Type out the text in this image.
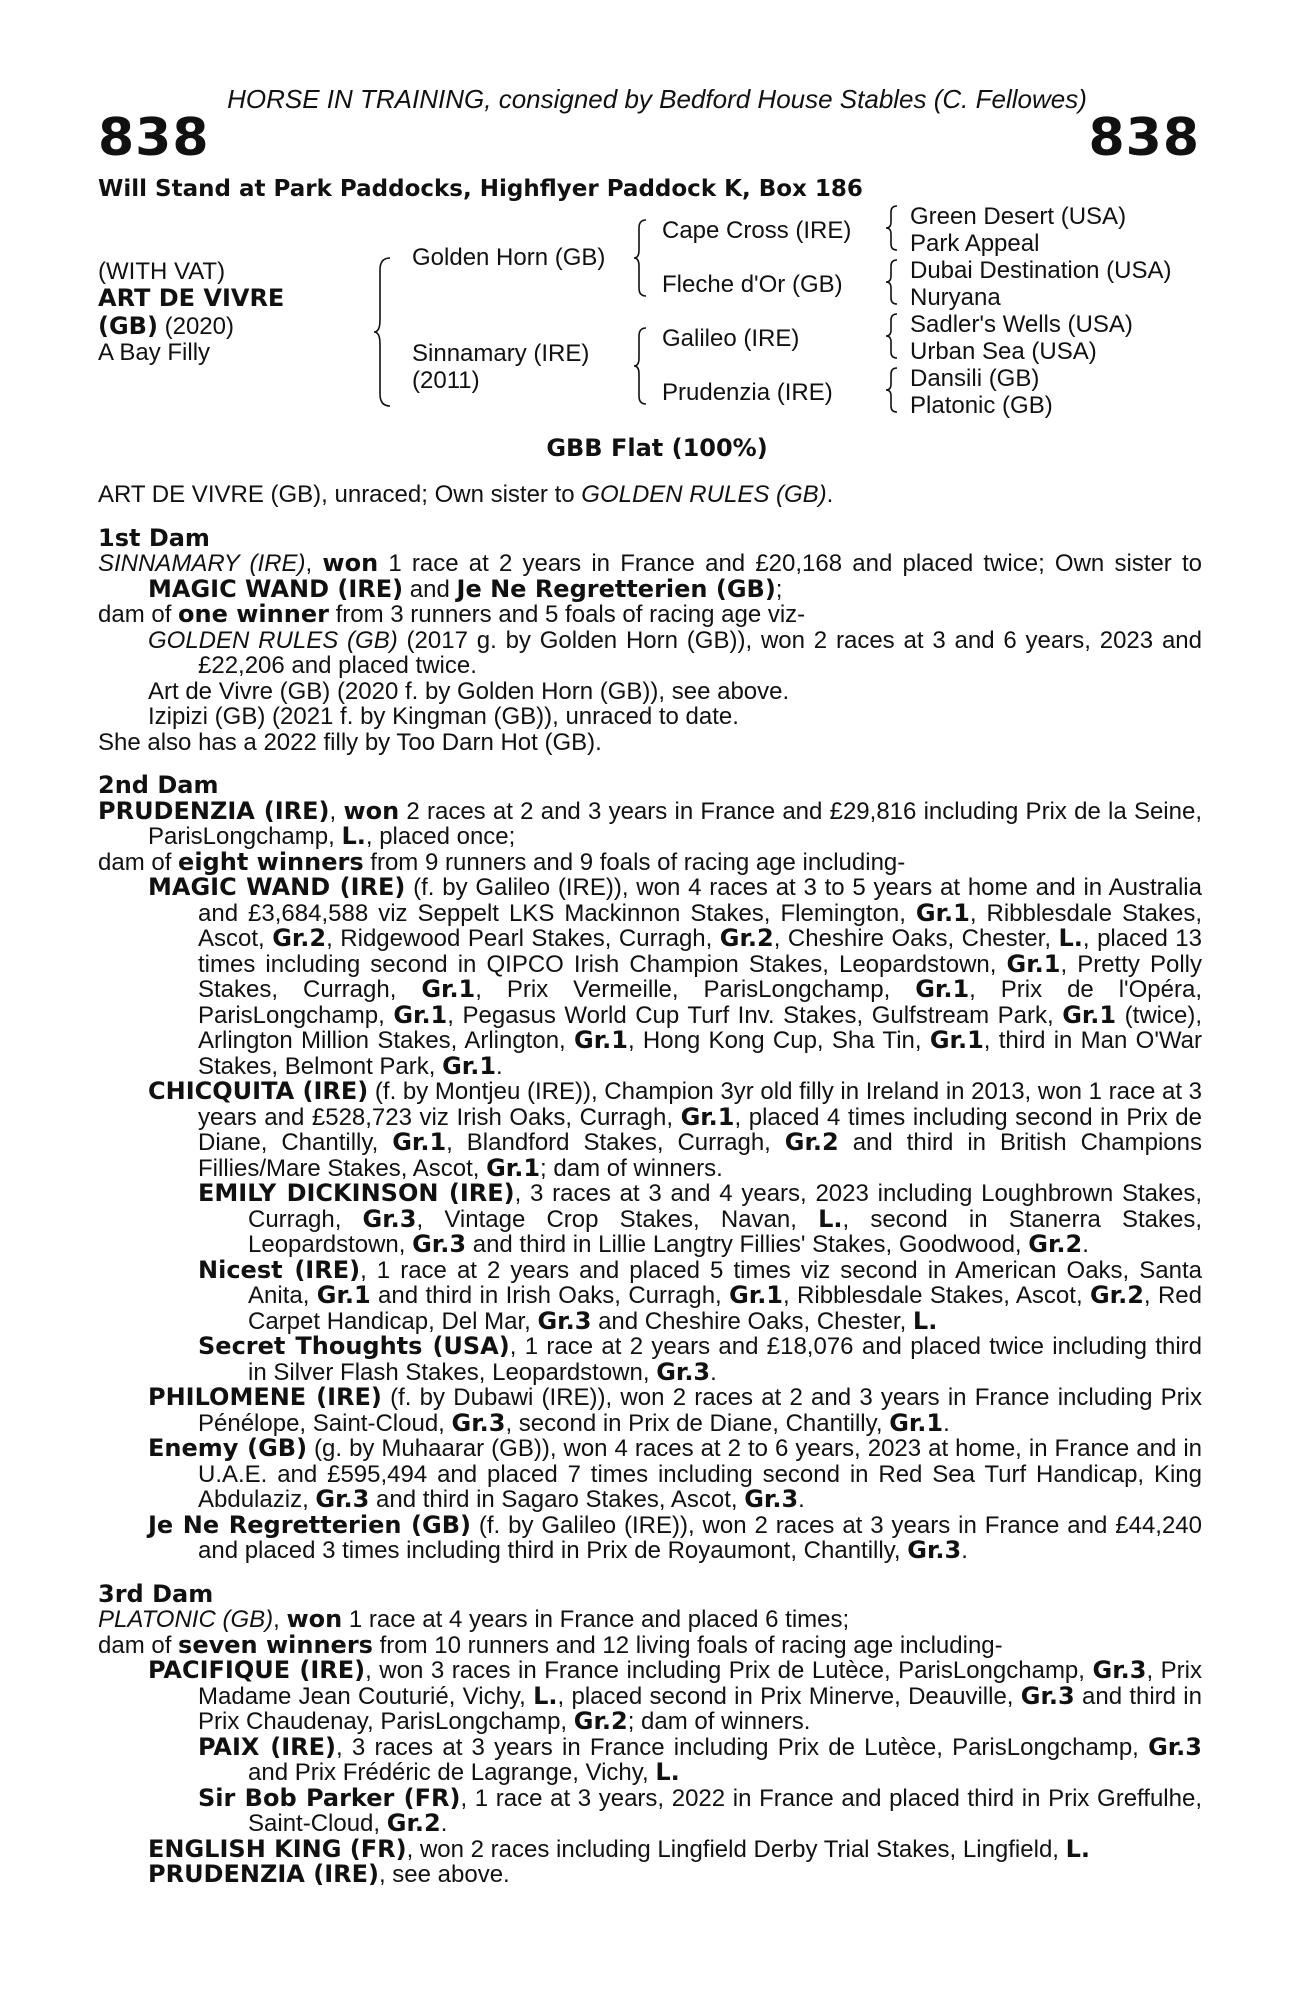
HORSE IN TRAINING, consigned by Bedford House Stables (C. Fellowes)
838	838
Will Stand at Park Paddocks, Highflyer Paddock K, Box 186
(WITH VAT)
ART DE VIVRE
(GB) (2020)
A Bay Filly
Golden Horn (GB)
Sinnamary (IRE)
(2011)
Cape Cross (IRE)
Fleche d'Or (GB)
Galileo (IRE)
Prudenzia (IRE)
Green Desert (USA)
Park Appeal
Dubai Destination (USA)
Nuryana
Sadler's Wells (USA)
Urban Sea (USA)
Dansili (GB)
Platonic (GB)
GBB Flat (100%)

ART DE VIVRE (GB), unraced; Own sister to GOLDEN RULES (GB).

1st Dam

SINNAMARY (IRE), won 1 race at 2 years in France and £20,168 and placed twice; Own sister to MAGIC WAND (IRE) and Je Ne Regretterien (GB);

dam of one winner from 3 runners and 5 foals of racing age viz-

GOLDEN RULES (GB) (2017 g. by Golden Horn (GB)), won 2 races at 3 and 6 years, 2023 and £22,206 and placed twice.

Art de Vivre (GB) (2020 f. by Golden Horn (GB)), see above.

Izipizi (GB) (2021 f. by Kingman (GB)), unraced to date.

She also has a 2022 filly by Too Darn Hot (GB).

2nd Dam

PRUDENZIA (IRE), won 2 races at 2 and 3 years in France and £29,816 including Prix de la Seine, ParisLongchamp, L., placed once;

dam of eight winners from 9 runners and 9 foals of racing age including-

MAGIC WAND (IRE) (f. by Galileo (IRE)), won 4 races at 3 to 5 years at home and in Australia and £3,684,588 viz Seppelt LKS Mackinnon Stakes, Flemington, Gr.1, Ribblesdale Stakes, Ascot, Gr.2, Ridgewood Pearl Stakes, Curragh, Gr.2, Cheshire Oaks, Chester, L., placed 13 times including second in QIPCO Irish Champion Stakes, Leopardstown, Gr.1, Pretty Polly Stakes, Curragh, Gr.1, Prix Vermeille, ParisLongchamp, Gr.1, Prix de l'Opéra, ParisLongchamp, Gr.1, Pegasus World Cup Turf Inv. Stakes, Gulfstream Park, Gr.1 (twice), Arlington Million Stakes, Arlington, Gr.1, Hong Kong Cup, Sha Tin, Gr.1, third in Man O'War Stakes, Belmont Park, Gr.1.

CHICQUITA (IRE) (f. by Montjeu (IRE)), Champion 3yr old filly in Ireland in 2013, won 1 race at 3 years and £528,723 viz Irish Oaks, Curragh, Gr.1, placed 4 times including second in Prix de Diane, Chantilly, Gr.1, Blandford Stakes, Curragh, Gr.2 and third in British Champions Fillies/Mare Stakes, Ascot, Gr.1; dam of winners.

EMILY DICKINSON (IRE), 3 races at 3 and 4 years, 2023 including Loughbrown Stakes, Curragh, Gr.3, Vintage Crop Stakes, Navan, L., second in Stanerra Stakes, Leopardstown, Gr.3 and third in Lillie Langtry Fillies' Stakes, Goodwood, Gr.2.

Nicest (IRE), 1 race at 2 years and placed 5 times viz second in American Oaks, Santa Anita, Gr.1 and third in Irish Oaks, Curragh, Gr.1, Ribblesdale Stakes, Ascot, Gr.2, Red Carpet Handicap, Del Mar, Gr.3 and Cheshire Oaks, Chester, L.

Secret Thoughts (USA), 1 race at 2 years and £18,076 and placed twice including third in Silver Flash Stakes, Leopardstown, Gr.3.

PHILOMENE (IRE) (f. by Dubawi (IRE)), won 2 races at 2 and 3 years in France including Prix Pénélope, Saint-Cloud, Gr.3, second in Prix de Diane, Chantilly, Gr.1.

Enemy (GB) (g. by Muhaarar (GB)), won 4 races at 2 to 6 years, 2023 at home, in France and in U.A.E. and £595,494 and placed 7 times including second in Red Sea Turf Handicap, King Abdulaziz, Gr.3 and third in Sagaro Stakes, Ascot, Gr.3.

Je Ne Regretterien (GB) (f. by Galileo (IRE)), won 2 races at 3 years in France and £44,240 and placed 3 times including third in Prix de Royaumont, Chantilly, Gr.3.

3rd Dam

PLATONIC (GB), won 1 race at 4 years in France and placed 6 times;

dam of seven winners from 10 runners and 12 living foals of racing age including-

PACIFIQUE (IRE), won 3 races in France including Prix de Lutèce, ParisLongchamp, Gr.3, Prix Madame Jean Couturié, Vichy, L., placed second in Prix Minerve, Deauville, Gr.3 and third in Prix Chaudenay, ParisLongchamp, Gr.2; dam of winners.

PAIX (IRE), 3 races at 3 years in France including Prix de Lutèce, ParisLongchamp, Gr.3 and Prix Frédéric de Lagrange, Vichy, L.

Sir Bob Parker (FR), 1 race at 3 years, 2022 in France and placed third in Prix Greffulhe, Saint-Cloud, Gr.2.

ENGLISH KING (FR), won 2 races including Lingfield Derby Trial Stakes, Lingfield, L.

PRUDENZIA (IRE), see above.
